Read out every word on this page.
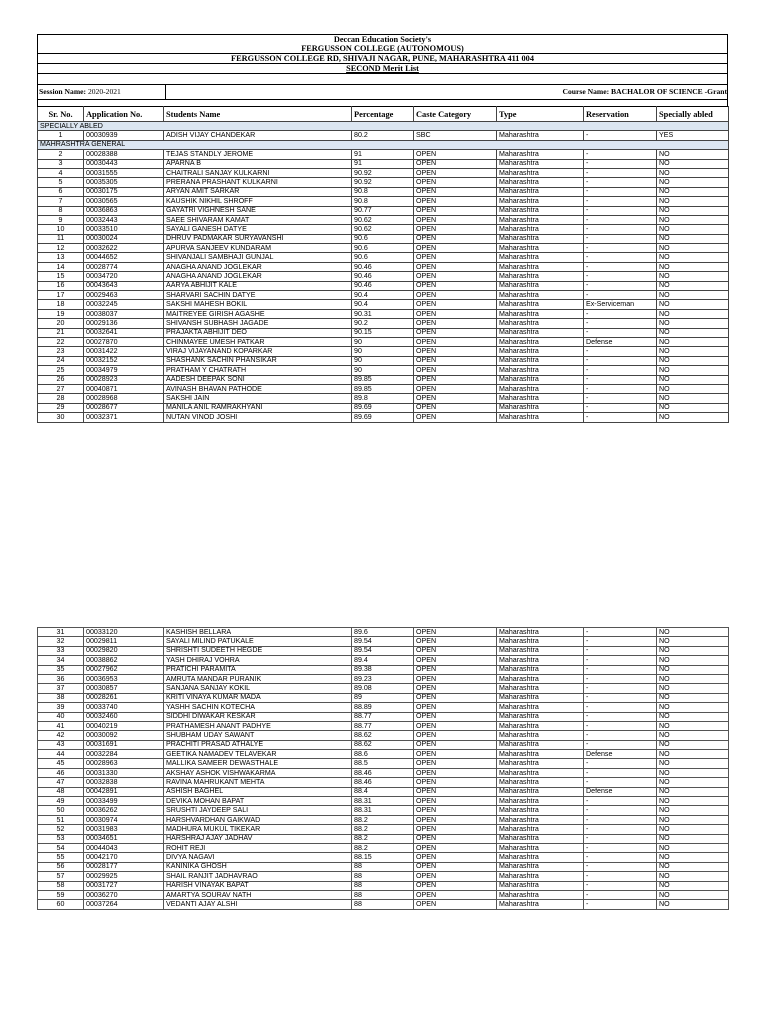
Deccan Education Society's
FERGUSSON COLLEGE (AUTONOMOUS)
FERGUSSON COLLEGE RD, SHIVAJI NAGAR, PUNE, MAHARASHTRA 411 004
SECOND Merit List
Session Name: 2020-2021	Course Name: BACHALOR OF SCIENCE -Grant
Sr. No.	Application No.	Students Name	Percentage	Caste Category	Type	Reservation	Specially abled
SPECIALLY ABLED							
1	00030939	ADISH VIJAY CHANDEKAR	80.2	SBC	Maharashtra	-	YES
MAHRASHTRA GENERAL							
2	00028388	TEJAS STANDLY JEROME	91	OPEN	Maharashtra	-	NO
3	00030443	APARNA B	91	OPEN	Maharashtra	-	NO
4	00031555	CHAITRALI SANJAY KULKARNI	90.92	OPEN	Maharashtra	-	NO
5	00035305	PRERANA PRASHANT KULKARNI	90.92	OPEN	Maharashtra	-	NO
6	00030175	ARYAN AMIT SARKAR	90.8	OPEN	Maharashtra	-	NO
7	00030565	KAUSHIK NIKHIL SHROFF	90.8	OPEN	Maharashtra	-	NO
8	00036863	GAYATRI VIGHNESH SANE	90.77	OPEN	Maharashtra	-	NO
9	00032443	SAEE SHIVARAM KAMAT	90.62	OPEN	Maharashtra	-	NO
10	00033510	SAYALI GANESH DATYE	90.62	OPEN	Maharashtra	-	NO
11	00030024	DHRUV PADMAKAR SURYAVANSHI	90.6	OPEN	Maharashtra	-	NO
12	00032622	APURVA SANJEEV KUNDARAM	90.6	OPEN	Maharashtra	-	NO
13	00044652	SHIVANJALI SAMBHAJI GUNJAL	90.6	OPEN	Maharashtra	-	NO
14	00028774	ANAGHA ANAND JOGLEKAR	90.46	OPEN	Maharashtra	-	NO
15	00034720	ANAGHA ANAND JOGLEKAR	90.46	OPEN	Maharashtra	-	NO
16	00043643	AARYA ABHIJIT KALE	90.46	OPEN	Maharashtra	-	NO
17	00029463	SHARVARI SACHIN DATYE	90.4	OPEN	Maharashtra	-	NO
18	00032245	SAKSHI MAHESH BOKIL	90.4	OPEN	Maharashtra	Ex-Serviceman	NO
19	00038037	MAITREYEE GIRISH AGASHE	90.31	OPEN	Maharashtra	-	NO
20	00029136	SHIVANSH SUBHASH JAGADE	90.2	OPEN	Maharashtra	-	NO
21	00032641	PRAJAKTA ABHIJIT DEO	90.15	OPEN	Maharashtra	-	NO
22	00027870	CHINMAYEE UMESH PATKAR	90	OPEN	Maharashtra	Defense	NO
23	00031422	VIRAJ VIJAYANAND KOPARKAR	90	OPEN	Maharashtra	-	NO
24	00032152	SHASHANK SACHIN PHANSIKAR	90	OPEN	Maharashtra	-	NO
25	00034979	PRATHAM Y CHATRATH	90	OPEN	Maharashtra	-	NO
26	00028923	AADESH DEEPAK SONI	89.85	OPEN	Maharashtra	-	NO
27	00040871	AVINASH BHAVAN PATHODE	89.85	OPEN	Maharashtra	-	NO
28	00028968	SAKSHI JAIN	89.8	OPEN	Maharashtra	-	NO
29	00028677	MANILA ANIL RAMRAKHYANI	89.69	OPEN	Maharashtra	-	NO
30	00032371	NUTAN VINOD JOSHI	89.69	OPEN	Maharashtra	-	NO
31	00033120	KASHISH BELLARA	89.6	OPEN	Maharashtra	-	NO
32	00029811	SAYALI MILIND PATUKALE	89.54	OPEN	Maharashtra	-	NO
33	00029820	SHRISHTI SUDEETH HEGDE	89.54	OPEN	Maharashtra	-	NO
34	00038862	YASH DHIRAJ VOHRA	89.4	OPEN	Maharashtra	-	NO
35	00027962	PRATICHI PARAMITA	89.38	OPEN	Maharashtra	-	NO
36	00036953	AMRUTA MANDAR PURANIK	89.23	OPEN	Maharashtra	-	NO
37	00030857	SANJANA SANJAY KOKIL	89.08	OPEN	Maharashtra	-	NO
38	00028261	KRITI VINAYA KUMAR MADA	89	OPEN	Maharashtra	-	NO
39	00033740	YASHH SACHIN KOTECHA	88.89	OPEN	Maharashtra	-	NO
40	00032460	SIDDHI DIWAKAR KESKAR	88.77	OPEN	Maharashtra	-	NO
41	00040219	PRATHAMESH ANANT PADHYE	88.77	OPEN	Maharashtra	-	NO
42	00030092	SHUBHAM UDAY SAWANT	88.62	OPEN	Maharashtra	-	NO
43	00031691	PRACHITI PRASAD ATHALYE	88.62	OPEN	Maharashtra	-	NO
44	00032284	GEETIKA NAMADEV TELAVEKAR	88.6	OPEN	Maharashtra	Defense	NO
45	00028963	MALLIKA SAMEER DEWASTHALE	88.5	OPEN	Maharashtra	-	NO
46	00031330	AKSHAY ASHOK VISHWAKARMA	88.46	OPEN	Maharashtra	-	NO
47	00032838	RAVINA MAHRUKANT MEHTA	88.46	OPEN	Maharashtra	-	NO
48	00042891	ASHISH BAGHEL	88.4	OPEN	Maharashtra	Defense	NO
49	00033499	DEVIKA MOHAN BAPAT	88.31	OPEN	Maharashtra	-	NO
50	00036262	SRUSHTI JAYDEEP SALI	88.31	OPEN	Maharashtra	-	NO
51	00030974	HARSHVARDHAN GAIKWAD	88.2	OPEN	Maharashtra	-	NO
52	00031983	MADHURA MUKUL TIKEKAR	88.2	OPEN	Maharashtra	-	NO
53	00034651	HARSHRAJ AJAY JADHAV	88.2	OPEN	Maharashtra	-	NO
54	00044043	ROHIT REJI	88.2	OPEN	Maharashtra	-	NO
55	00042170	DIVYA NAGAVI	88.15	OPEN	Maharashtra	-	NO
56	00028177	KANINIKA GHOSH	88	OPEN	Maharashtra	-	NO
57	00029925	SHAIL RANJIT JADHAVRAO	88	OPEN	Maharashtra	-	NO
58	00031727	HARISH VINAYAK BAPAT	88	OPEN	Maharashtra	-	NO
59	00036270	AMARTYA SOURAV NATH	88	OPEN	Maharashtra	-	NO
60	00037264	VEDANTI AJAY ALSHI	88	OPEN	Maharashtra	-	NO
